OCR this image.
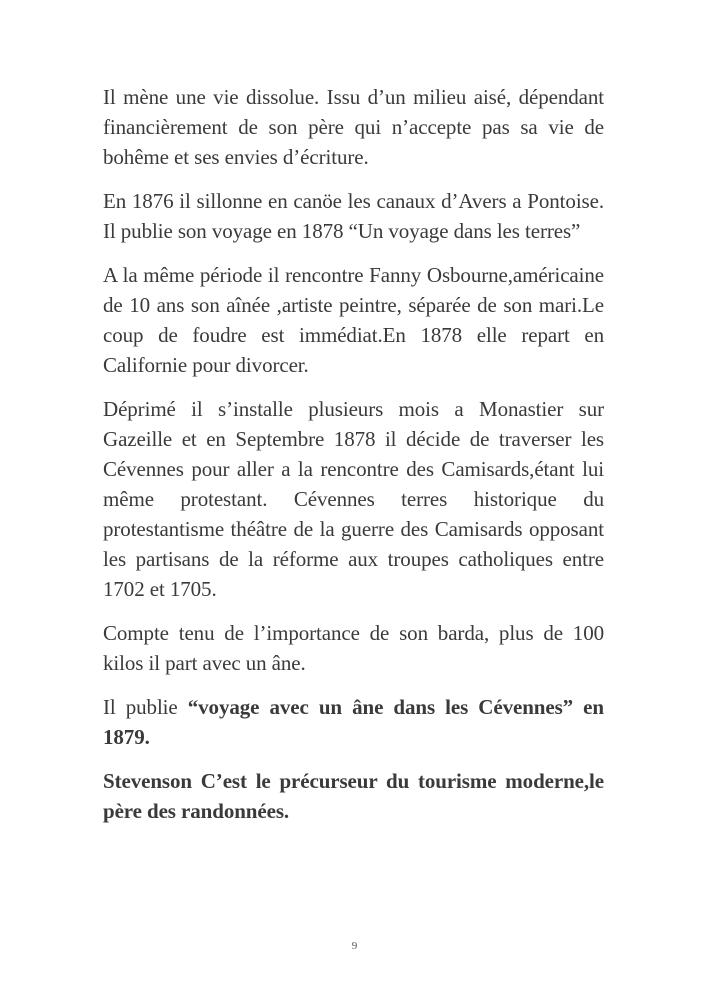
Il mène une vie dissolue. Issu d’un milieu aisé, dépendant financièrement de son père qui n’accepte pas sa vie de bohême et ses envies d’écriture.

En 1876 il sillonne en canöe les canaux d’Avers a Pontoise. Il publie son voyage en 1878 “Un voyage dans les terres”

A la même période il rencontre Fanny Osbourne,américaine de 10 ans son aînée ,artiste peintre, séparée de son mari.Le coup de foudre est immédiat.En 1878 elle repart en Californie pour divorcer.

Déprimé il s’installe plusieurs mois a Monastier sur Gazeille et en Septembre 1878 il décide de traverser les Cévennes pour aller a la rencontre des Camisards,étant lui même protestant. Cévennes terres historique du protestantisme théâtre de la guerre des Camisards opposant les partisans de la réforme aux troupes catholiques entre 1702 et 1705.

Compte tenu de l’importance de son barda, plus de 100 kilos il part avec un âne.

Il publie “voyage avec un âne dans les Cévennes” en 1879.

Stevenson C’est le précurseur du tourisme moderne,le père des randonnées.

9
